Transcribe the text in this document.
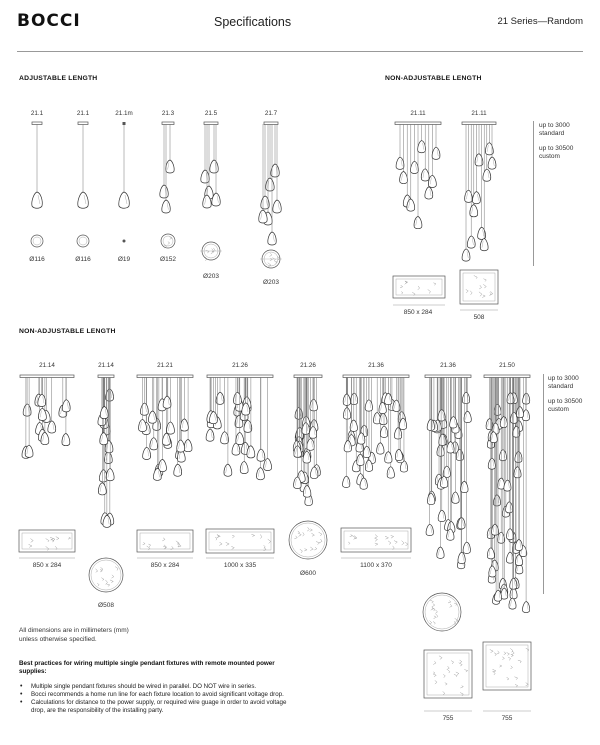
BOCCI	Specifications	21 Series—Random
ADJUSTABLE LENGTH	NON-ADJUSTABLE LENGTH
NON-ADJUSTABLE LENGTH
21.1	21.1	21.1m	21.3	21.5	21.7
Ø116	Ø116	Ø19	Ø152
Ø203
Ø203
21.11	21.11
850 x 284
508
up to 3000
standard
up to 30500
custom
21.14	21.14	21.21	21.26	21.26	21.36	21.36	21.50
850 x 284
Ø508
850 x 284	1000 x 335
Ø600
1100 x 370
755	755
up to 3000
standard
up to 30500
custom
All dimensions are in millimeters (mm)
unless otherwise specified.
Best practices for wiring multiple single pendant fixtures with remote mounted power supplies:
• Multiple single pendant fixtures should be wired in parallel. DO NOT wire in series.
• Bocci recommends a home run line for each fixture location to avoid significant voltage drop.
• Calculations for distance to the power supply, or required wire guage in order to avoid voltage drop, are the responsibility of the installing party.
